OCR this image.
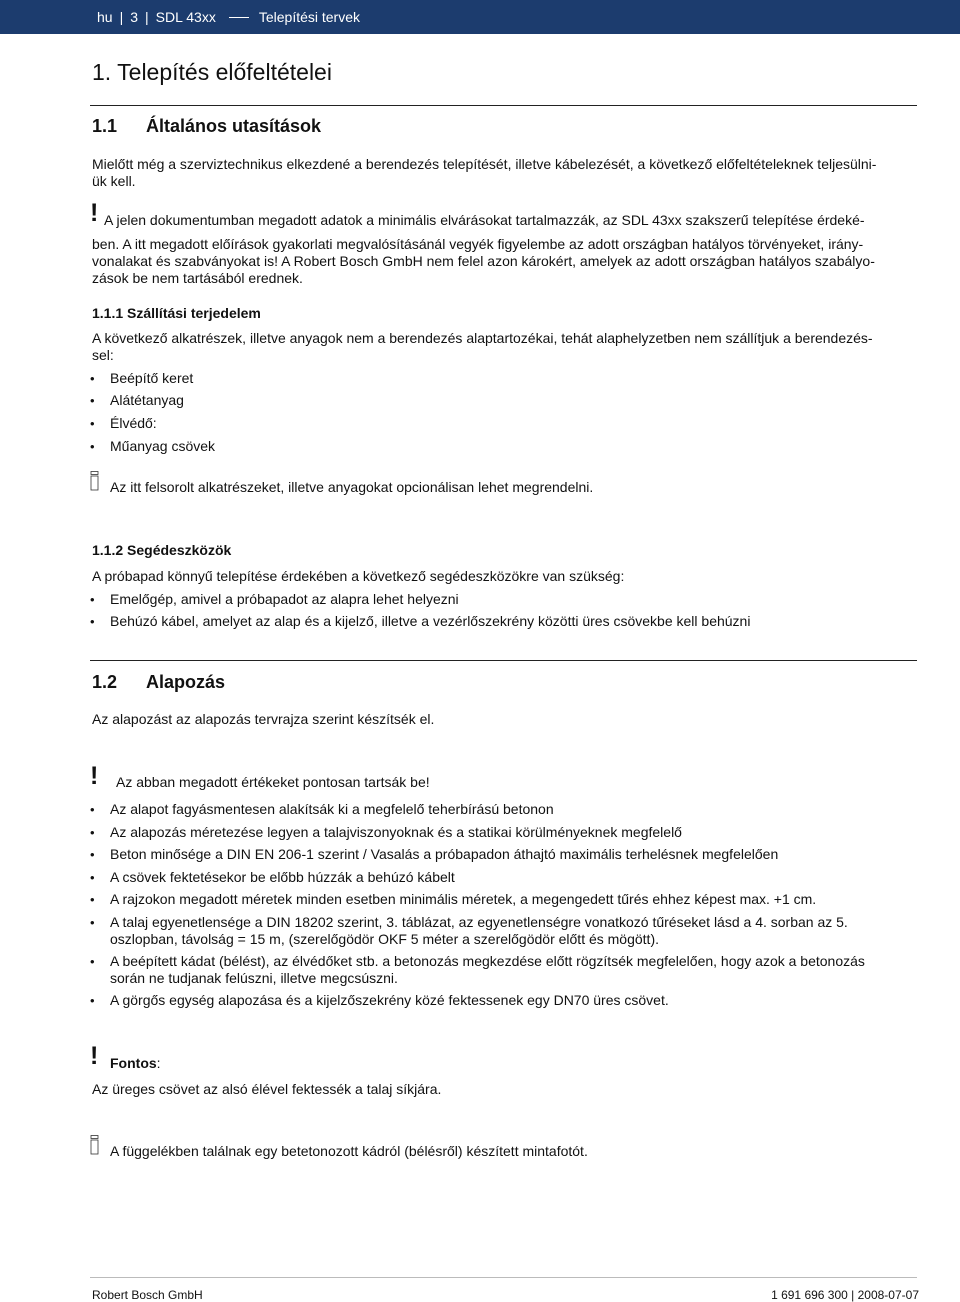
hu | 3 | SDL 43xx	Telepítési tervek
1. Telepítés előfeltételei
1.1 Általános utasítások
Mielőtt még a szerviztechnikus elkezdené a berendezés telepítését, illetve kábelezését, a következő előfeltételeknek teljesülni-
ük kell.
! A jelen dokumentumban megadott adatok a minimális elvárásokat tartalmazzák, az SDL 43xx szakszerű telepítése érdeké-
ben. A itt megadott előírások gyakorlati megvalósításánál vegyék figyelembe az adott országban hatályos törvényeket, irány-
vonalakat és szabványokat is! A Robert Bosch GmbH nem felel azon károkért, amelyek az adott országban hatályos szabályo-
zások be nem tartásából erednek.
1.1.1 Szállítási terjedelem
A következő alkatrészek, illetve anyagok nem a berendezés alaptartozékai, tehát alaphelyzetben nem szállítjuk a berendezés-
sel:
• Beépítő keret
• Alátétanyag
• Élvédő:
• Műanyag csövek
Az itt felsorolt alkatrészeket, illetve anyagokat opcionálisan lehet megrendelni.
1.1.2 Segédeszközök
A próbapad könnyű telepítése érdekében a következő segédeszközökre van szükség:
• Emelőgép, amivel a próbapadot az alapra lehet helyezni
• Behúzó kábel, amelyet az alap és a kijelző, illetve a vezérlőszekrény közötti üres csövekbe kell behúzni
1.2 Alapozás
Az alapozást az alapozás tervrajza szerint készítsék el.
! Az abban megadott értékeket pontosan tartsák be!
• Az alapot fagyásmentesen alakítsák ki a megfelelő teherbírású betonon
• Az alapozás méretezése legyen a talajviszonyoknak és a statikai körülményeknek megfelelő
• Beton minősége a DIN EN 206-1 szerint / Vasalás a próbapadon áthajtó maximális terhelésnek megfelelően
• A csövek fektetésekor be előbb húzzák a behúzó kábelt
• A rajzokon megadott méretek minden esetben minimális méretek, a megengedett tűrés ehhez képest max. +1 cm.
• A talaj egyenetlensége a DIN 18202 szerint, 3. táblázat, az egyenetlenségre vonatkozó tűréseket lásd a 4. sorban az 5.
oszlopban, távolság = 15 m, (szerelőgödör OKF 5 méter a szerelőgödör előtt és mögött).
• A beépített kádat (bélést), az élvédőket stb. a betonozás megkezdése előtt rögzítsék megfelelően, hogy azok a betonozás
során ne tudjanak felúszni, illetve megcsúszni.
• A görgős egység alapozása és a kijelzőszekrény közé fektessenek egy DN70 üres csövet.
! Fontos:
Az üreges csövet az alsó élével fektessék a talaj síkjára.
A függelékben találnak egy betetonozott kádról (bélésről) készített mintafotót.
Robert Bosch GmbH	1 691 696 300 | 2008-07-07
